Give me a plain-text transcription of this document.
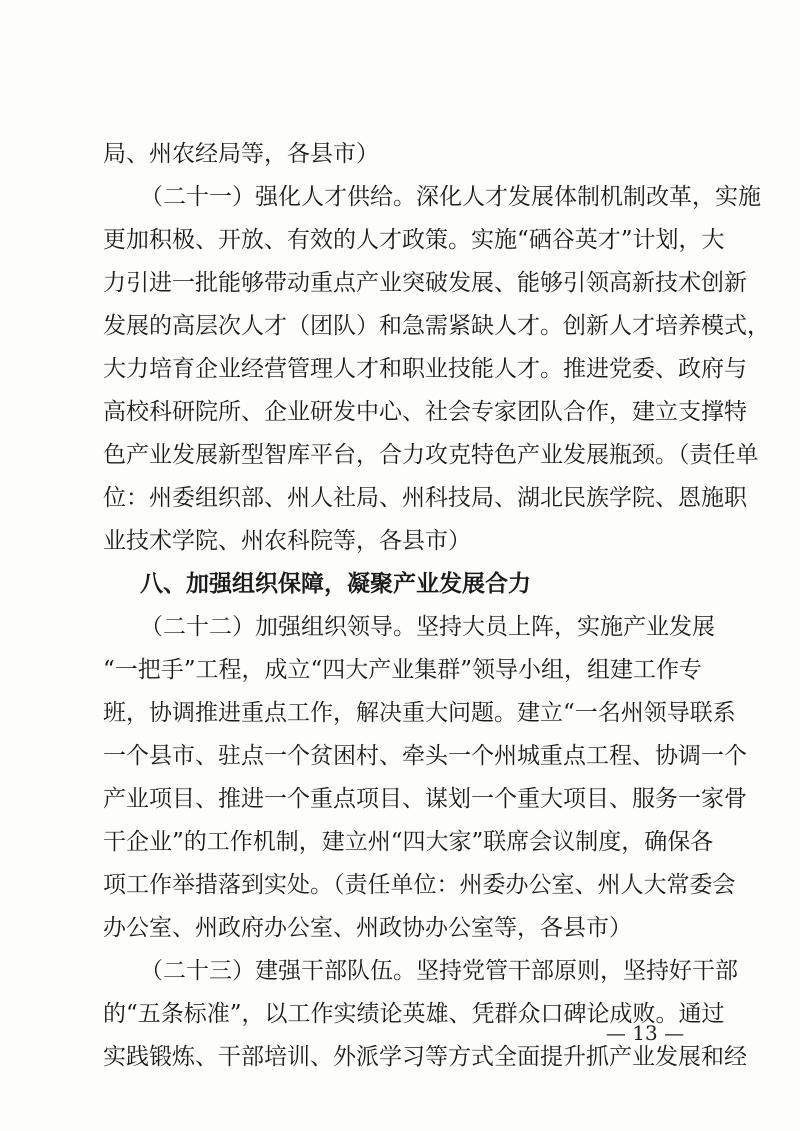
局、州农经局等，各县市）
（二十一）强化人才供给。深化人才发展体制机制改革，实施
更加积极、开放、有效的人才政策。实施“硒谷英才”计划，大
力引进一批能够带动重点产业突破发展、能够引领高新技术创新
发展的高层次人才（团队）和急需紧缺人才。创新人才培养模式，
大力培育企业经营管理人才和职业技能人才。推进党委、政府与
高校科研院所、企业研发中心、社会专家团队合作，建立支撑特
色产业发展新型智库平台，合力攻克特色产业发展瓶颈。（责任单
位：州委组织部、州人社局、州科技局、湖北民族学院、恩施职
业技术学院、州农科院等，各县市）
八、加强组织保障，凝聚产业发展合力
（二十二）加强组织领导。坚持大员上阵，实施产业发展
“一把手”工程，成立“四大产业集群”领导小组，组建工作专
班，协调推进重点工作，解决重大问题。建立“一名州领导联系
一个县市、驻点一个贫困村、牵头一个州城重点工程、协调一个
产业项目、推进一个重点项目、谋划一个重大项目、服务一家骨
干企业”的工作机制，建立州“四大家”联席会议制度，确保各
项工作举措落到实处。（责任单位：州委办公室、州人大常委会
办公室、州政府办公室、州政协办公室等，各县市）
（二十三）建强干部队伍。坚持党管干部原则，坚持好干部
的“五条标准”，以工作实绩论英雄、凭群众口碑论成败。通过
实践锻炼、干部培训、外派学习等方式全面提升抓产业发展和经
— 13 —
